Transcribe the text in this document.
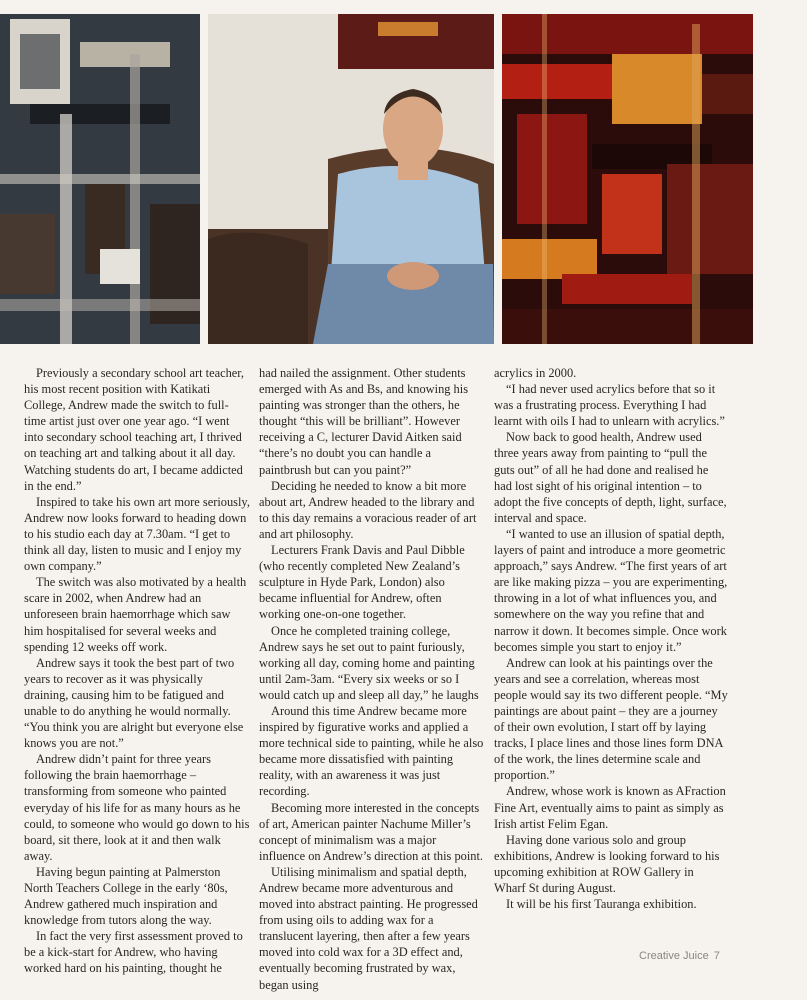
Previously a secondary school art teacher, his most recent position with Katikati College, Andrew made the switch to full-time artist just over one year ago. “I went into secondary school teaching art, I thrived on teaching art and talking about it all day. Watching students do art, I became addicted in the end.”

Inspired to take his own art more seriously, Andrew now looks forward to heading down to his studio each day at 7.30am. “I get to think all day, listen to music and I enjoy my own company.”

The switch was also motivated by a health scare in 2002, when Andrew had an unforeseen brain haemorrhage which saw him hospitalised for several weeks and spending 12 weeks off work.

Andrew says it took the best part of two years to recover as it was physically draining, causing him to be fatigued and unable to do anything he would normally. “You think you are alright but everyone else knows you are not.”

Andrew didn’t paint for three years following the brain haemorrhage – transforming from someone who painted everyday of his life for as many hours as he could, to someone who would go down to his board, sit there, look at it and then walk away.

Having begun painting at Palmerston North Teachers College in the early ‘80s, Andrew gathered much inspiration and knowledge from tutors along the way.

In fact the very first assessment proved to be a kick-start for Andrew, who having worked hard on his painting, thought he

had nailed the assignment. Other students emerged with As and Bs, and knowing his painting was stronger than the others, he thought “this will be brilliant”. However receiving a C, lecturer David Aitken said “there’s no doubt you can handle a paintbrush but can you paint?”

Deciding he needed to know a bit more about art, Andrew headed to the library and to this day remains a voracious reader of art and art philosophy.

Lecturers Frank Davis and Paul Dibble (who recently completed New Zealand’s sculpture in Hyde Park, London) also became influential for Andrew, often working one-on-one together.

Once he completed training college, Andrew says he set out to paint furiously, working all day, coming home and painting until 2am-3am. “Every six weeks or so I would catch up and sleep all day,” he laughs

Around this time Andrew became more inspired by figurative works and applied a more technical side to painting, while he also became more dissatisfied with painting reality, with an awareness it was just recording.

Becoming more interested in the concepts of art, American painter Nachume Miller’s concept of minimalism was a major influence on Andrew’s direction at this point.

Utilising minimalism and spatial depth, Andrew became more adventurous and moved into abstract painting. He progressed from using oils to adding wax for a translucent layering, then after a few years moved into cold wax for a 3D effect and, eventually becoming frustrated by wax, began using

acrylics in 2000.

“I had never used acrylics before that so it was a frustrating process. Everything I had learnt with oils I had to unlearn with acrylics.”

Now back to good health, Andrew used three years away from painting to “pull the guts out” of all he had done and realised he had lost sight of his original intention – to adopt the five concepts of depth, light, surface, interval and space.

“I wanted to use an illusion of spatial depth, layers of paint and introduce a more geometric approach,” says Andrew. “The first years of art are like making pizza – you are experimenting, throwing in a lot of what influences you, and somewhere on the way you refine that and narrow it down. It becomes simple. Once work becomes simple you start to enjoy it.”

Andrew can look at his paintings over the years and see a correlation, whereas most people would say its two different people. “My paintings are about paint – they are a journey of their own evolution, I start off by laying tracks, I place lines and those lines form DNA of the work, the lines determine scale and proportion.”

Andrew, whose work is known as AFraction Fine Art, eventually aims to paint as simply as Irish artist Felim Egan.

Having done various solo and group exhibitions, Andrew is looking forward to his upcoming exhibition at ROW Gallery in Wharf St during August.

It will be his first Tauranga exhibition.

Creative Juice 7
